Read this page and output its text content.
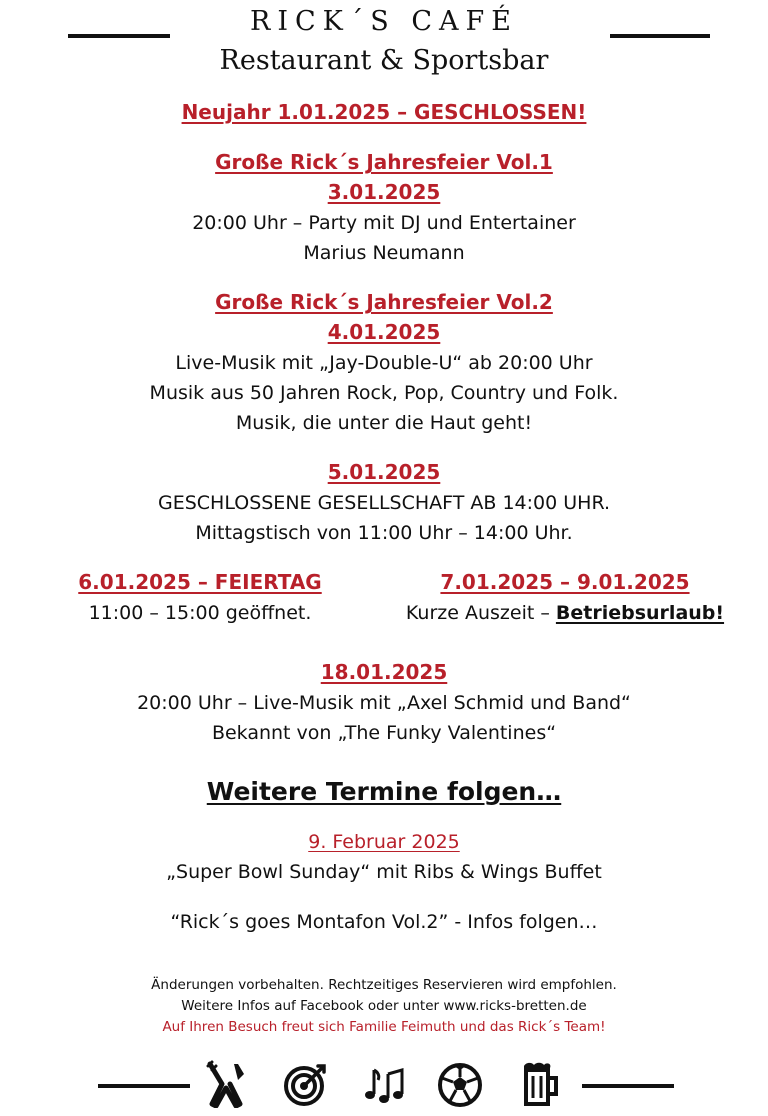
RICK´S CAFÉ
Restaurant & Sportsbar
Neujahr 1.01.2025 – GESCHLOSSEN!
Große Rick´s Jahresfeier Vol.1
3.01.2025
20:00 Uhr – Party mit DJ und Entertainer
Marius Neumann
Große Rick´s Jahresfeier Vol.2
4.01.2025
Live-Musik mit „Jay-Double-U“ ab 20:00 Uhr
Musik aus 50 Jahren Rock, Pop, Country und Folk.
Musik, die unter die Haut geht!
5.01.2025
GESCHLOSSENE GESELLSCHAFT AB 14:00 UHR.
Mittagstisch von 11:00 Uhr – 14:00 Uhr.
6.01.2025 – FEIERTAG
11:00 – 15:00 geöffnet.
7.01.2025 – 9.01.2025
Kurze Auszeit – Betriebsurlaub!
18.01.2025
20:00 Uhr – Live-Musik mit „Axel Schmid und Band“
Bekannt von „The Funky Valentines“
Weitere Termine folgen…
9. Februar 2025
„Super Bowl Sunday“ mit Ribs & Wings Buffet
“Rick´s goes Montafon Vol.2” - Infos folgen…
Änderungen vorbehalten. Rechtzeitiges Reservieren wird empfohlen.
Weitere Infos auf Facebook oder unter www.ricks-bretten.de
Auf Ihren Besuch freut sich Familie Feimuth und das Rick´s Team!
